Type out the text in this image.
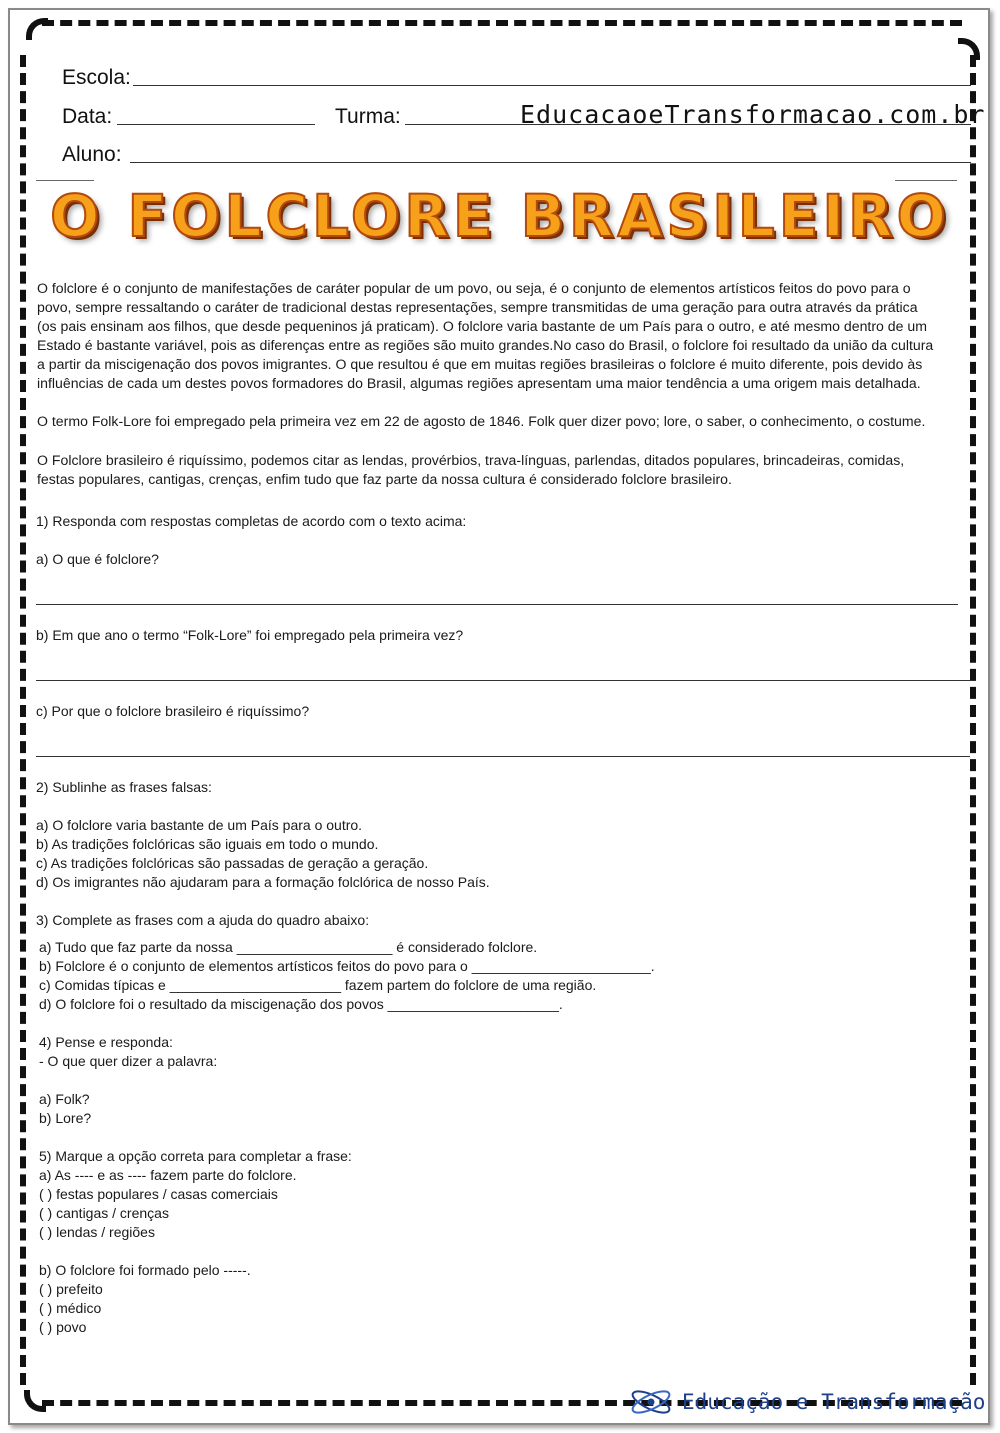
Escola:
Data:	Turma:	EducacaoeTransformacao.com.br
Aluno:
O FOLCLORE BRASILEIRO
O folclore é o conjunto de manifestações de caráter popular de um povo, ou seja, é o conjunto de elementos artísticos feitos do povo para o
povo, sempre ressaltando o caráter de tradicional destas representações, sempre transmitidas de uma geração para outra através da prática
(os pais ensinam aos filhos, que desde pequeninos já praticam). O folclore varia bastante de um País para o outro, e até mesmo dentro de um
Estado é bastante variável, pois as diferenças entre as regiões são muito grandes.No caso do Brasil, o folclore foi resultado da união da cultura
a partir da miscigenação dos povos imigrantes. O que resultou é que em muitas regiões brasileiras o folclore é muito diferente, pois devido às
influências de cada um destes povos formadores do Brasil, algumas regiões apresentam uma maior tendência a uma origem mais detalhada.
O termo Folk-Lore foi empregado pela primeira vez em 22 de agosto de 1846. Folk quer dizer povo; lore, o saber, o conhecimento, o costume.
O Folclore brasileiro é riquíssimo, podemos citar as lendas, provérbios, trava-línguas, parlendas, ditados populares, brincadeiras, comidas,
festas populares, cantigas, crenças, enfim tudo que faz parte da nossa cultura é considerado folclore brasileiro.
1) Responda com respostas completas de acordo com o texto acima:
a) O que é folclore?
b) Em que ano o termo “Folk-Lore” foi empregado pela primeira vez?
c) Por que o folclore brasileiro é riquíssimo?
2) Sublinhe as frases falsas:
a) O folclore varia bastante de um País para o outro.
b) As tradições folclóricas são iguais em todo o mundo.
c) As tradições folclóricas são passadas de geração a geração.
d) Os imigrantes não ajudaram para a formação folclórica de nosso País.
3) Complete as frases com a ajuda do quadro abaixo:
a) Tudo que faz parte da nossa ____________________ é considerado folclore.
b) Folclore é o conjunto de elementos artísticos feitos do povo para o _______________________.
c) Comidas típicas e ______________________ fazem partem do folclore de uma região.
d) O folclore foi o resultado da miscigenação dos povos ______________________.
4) Pense e responda:
- O que quer dizer a palavra:
a) Folk?
b) Lore?
5) Marque a opção correta para completar a frase:
a) As ---- e as ---- fazem parte do folclore.
( ) festas populares / casas comerciais
( ) cantigas / crenças
( ) lendas / regiões
b) O folclore foi formado pelo -----.
( ) prefeito
( ) médico
( ) povo
Educação e Transformação
